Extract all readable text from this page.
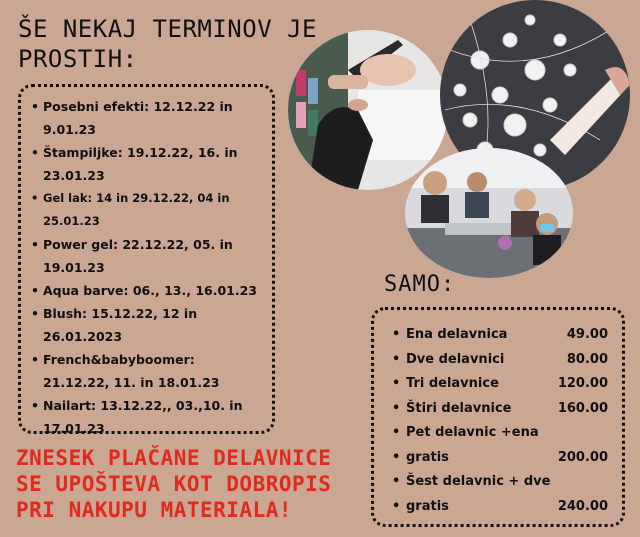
ŠE NEKAJ TERMINOV JE PROSTIH:
• Posebni efekti: 12.12.22 in 9.01.23
• Štampiljke: 19.12.22, 16. in 23.01.23
• Gel lak: 14 in 29.12.22, 04 in 25.01.23
• Power gel: 22.12.22, 05. in 19.01.23
• Aqua barve: 06., 13., 16.01.23
• Blush: 15.12.22, 12 in 26.01.2023
• French&babyboomer: 21.12.22, 11. in 18.01.23
• Nailart: 13.12.22,, 03.,10. in 17.01.23
ZNESEK PLAČANE DELAVNICE SE UPOŠTEVA KOT DOBROPIS PRI NAKUPU MATERIALA!
SAMO:
• Ena delavnica	49.00
• Dve delavnici	80.00
• Tri delavnice	120.00
• Štiri delavnice	160.00
• Pet delavnic +ena
• gratis	200.00
• Šest delavnic + dve
• gratis	240.00
